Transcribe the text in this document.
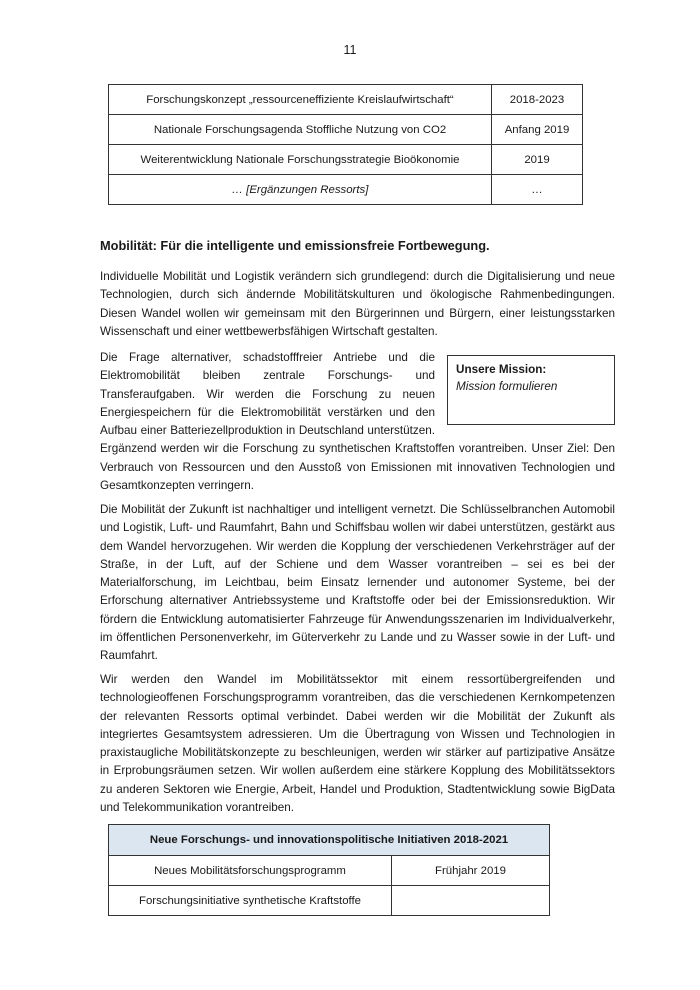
11
Forschungskonzept „ressourceneffiziente Kreislaufwirtschaft“	2018-2023
Nationale Forschungsagenda Stoffliche Nutzung von CO2	Anfang 2019
Weiterentwicklung Nationale Forschungsstrategie Bioökonomie	2019
… [Ergänzungen Ressorts]	…
Mobilität: Für die intelligente und emissionsfreie Fortbewegung.

Individuelle Mobilität und Logistik verändern sich grundlegend: durch die Digitalisierung und neue Technologien, durch sich ändernde Mobilitätskulturen und ökologische Rahmenbedingungen. Diesen Wandel wollen wir gemeinsam mit den Bürgerinnen und Bürgern, einer leistungsstarken Wissenschaft und einer wettbewerbsfähigen Wirtschaft gestalten.

Unsere Mission:
Mission formulieren
Die Frage alternativer, schadstofffreier Antriebe und die Elektromobilität bleiben zentrale Forschungs- und Transferaufgaben. Wir werden die Forschung zu neuen Energiespeichern für die Elektromobilität verstärken und den Aufbau einer Batteriezellproduktion in Deutschland unterstützen. Ergänzend werden wir die Forschung zu synthetischen Kraftstoffen vorantreiben. Unser Ziel: Den Verbrauch von Ressourcen und den Ausstoß von Emissionen mit innovativen Technologien und Gesamtkonzepten verringern.

Die Mobilität der Zukunft ist nachhaltiger und intelligent vernetzt. Die Schlüsselbranchen Automobil und Logistik, Luft- und Raumfahrt, Bahn und Schiffsbau wollen wir dabei unterstützen, gestärkt aus dem Wandel hervorzugehen. Wir werden die Kopplung der verschiedenen Verkehrsträger auf der Straße, in der Luft, auf der Schiene und dem Wasser vorantreiben – sei es bei der Materialforschung, im Leichtbau, beim Einsatz lernender und autonomer Systeme, bei der Erforschung alternativer Antriebssysteme und Kraftstoffe oder bei der Emissionsreduktion. Wir fördern die Entwicklung automatisierter Fahrzeuge für Anwendungsszenarien im Individualverkehr, im öffentlichen Personenverkehr, im Güterverkehr zu Lande und zu Wasser sowie in der Luft- und Raumfahrt.

Wir werden den Wandel im Mobilitätssektor mit einem ressortübergreifenden und technologieoffenen Forschungsprogramm vorantreiben, das die verschiedenen Kernkompetenzen der relevanten Ressorts optimal verbindet. Dabei werden wir die Mobilität der Zukunft als integriertes Gesamtsystem adressieren. Um die Übertragung von Wissen und Technologien in praxistaugliche Mobilitätskonzepte zu beschleunigen, werden wir stärker auf partizipative Ansätze in Erprobungsräumen setzen. Wir wollen außerdem eine stärkere Kopplung des Mobilitätssektors zu anderen Sektoren wie Energie, Arbeit, Handel und Produktion, Stadtentwicklung sowie BigData und Telekommunikation vorantreiben.

Neue Forschungs- und innovationspolitische Initiativen 2018-2021	
Neues Mobilitätsforschungsprogramm	Frühjahr 2019
Forschungsinitiative synthetische Kraftstoffe	
